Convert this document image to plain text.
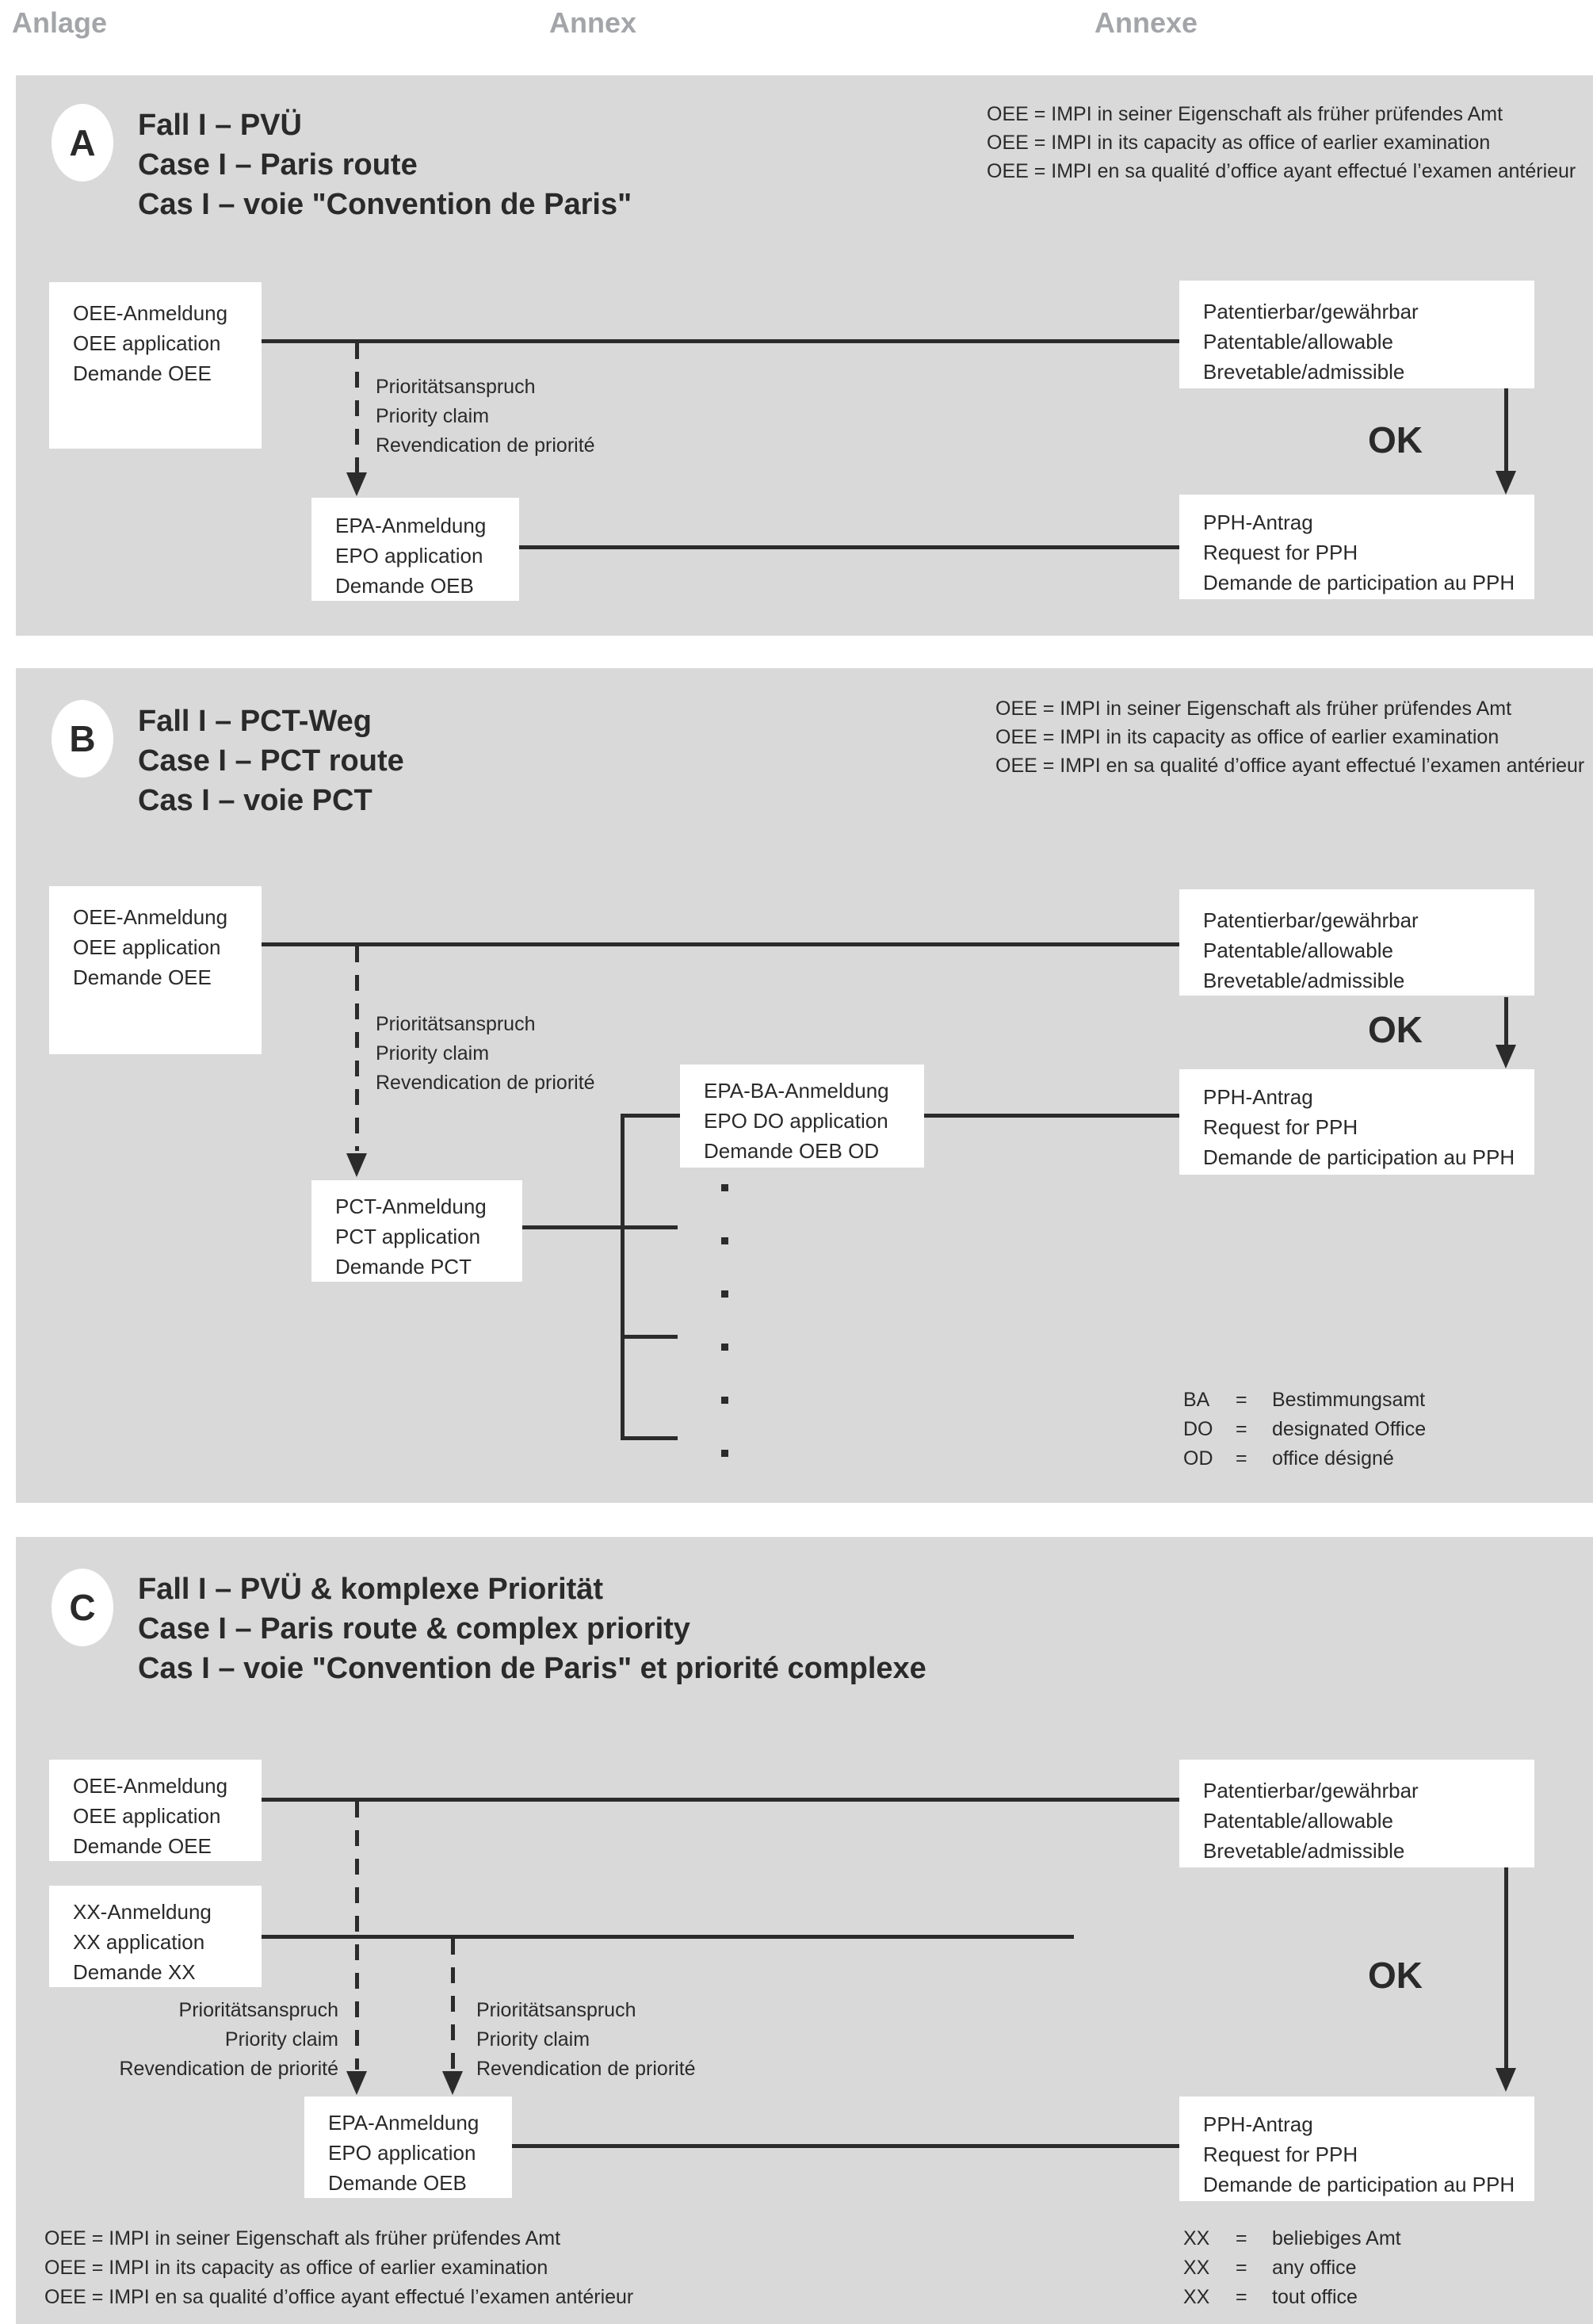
Anlage	Annex	Annexe
A Fall I – PVÜ
Case I – Paris route
Cas I – voie "Convention de Paris"
OEE = IMPI in seiner Eigenschaft als früher prüfendes Amt
OEE = IMPI in its capacity as office of earlier examination
OEE = IMPI en sa qualité d’office ayant effectué l’examen antérieur
OK
Prioritätsanspruch
Priority claim
Revendication de priorité
OEE-Anmeldung
OEE application
Demande OEE
Patentierbar/gewährbar
Patentable/allowable
Brevetable/admissible
EPA-Anmeldung
EPO application
Demande OEB
PPH-Antrag
Request for PPH
Demande de participation au PPH
B Fall I – PCT-Weg
Case I – PCT route
Cas I – voie PCT
OEE = IMPI in seiner Eigenschaft als früher prüfendes Amt
OEE = IMPI in its capacity as office of earlier examination
OEE = IMPI en sa qualité d’office ayant effectué l’examen antérieur
OK
Prioritätsanspruch
Priority claim
Revendication de priorité
OEE-Anmeldung
OEE application
Demande OEE
Patentierbar/gewährbar
Patentable/allowable
Brevetable/admissible
EPA-BA-Anmeldung
EPO DO application
Demande OEB OD
PPH-Antrag
Request for PPH
Demande de participation au PPH
PCT-Anmeldung
PCT application
Demande PCT
BA	=	Bestimmungsamt
DO	=	designated Office
OD	=	office désigné
C Fall I – PVÜ & komplexe Priorität
Case I – Paris route & complex priority
Cas I – voie "Convention de Paris" et priorité complexe
OK
Prioritätsanspruch
Priority claim
Revendication de priorité
Prioritätsanspruch
Priority claim
Revendication de priorité
OEE-Anmeldung
OEE application
Demande OEE
XX-Anmeldung
XX application
Demande XX
Patentierbar/gewährbar
Patentable/allowable
Brevetable/admissible
EPA-Anmeldung
EPO application
Demande OEB
PPH-Antrag
Request for PPH
Demande de participation au PPH
OEE = IMPI in seiner Eigenschaft als früher prüfendes Amt
OEE = IMPI in its capacity as office of earlier examination
OEE = IMPI en sa qualité d’office ayant effectué l’examen antérieur
XX	=	beliebiges Amt
XX	=	any office
XX	=	tout office
